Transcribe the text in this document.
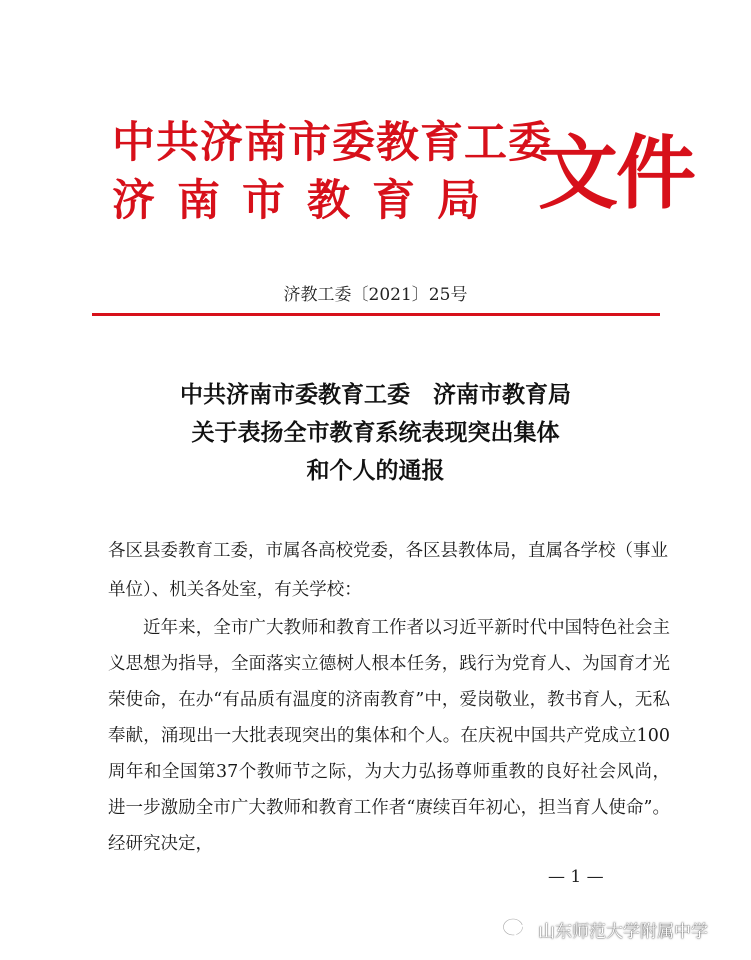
中共济南市委教育工委
济南市教育局 文件
济教工委〔2021〕25号
中共济南市委教育工委　济南市教育局
关于表扬全市教育系统表现突出集体
和个人的通报
各区县委教育工委，市属各高校党委，各区县教体局，直属各学校（事业单位）、机关各处室，有关学校：

近年来，全市广大教师和教育工作者以习近平新时代中国特色社会主义思想为指导，全面落实立德树人根本任务，践行为党育人、为国育才光荣使命，在办“有品质有温度的济南教育”中，爱岗敬业，教书育人，无私奉献，涌现出一大批表现突出的集体和个人。在庆祝中国共产党成立100周年和全国第37个教师节之际，为大力弘扬尊师重教的良好社会风尚，进一步激励全市广大教师和教育工作者“赓续百年初心，担当育人使命”。经研究决定，

— 1 —
山东师范大学附属中学
